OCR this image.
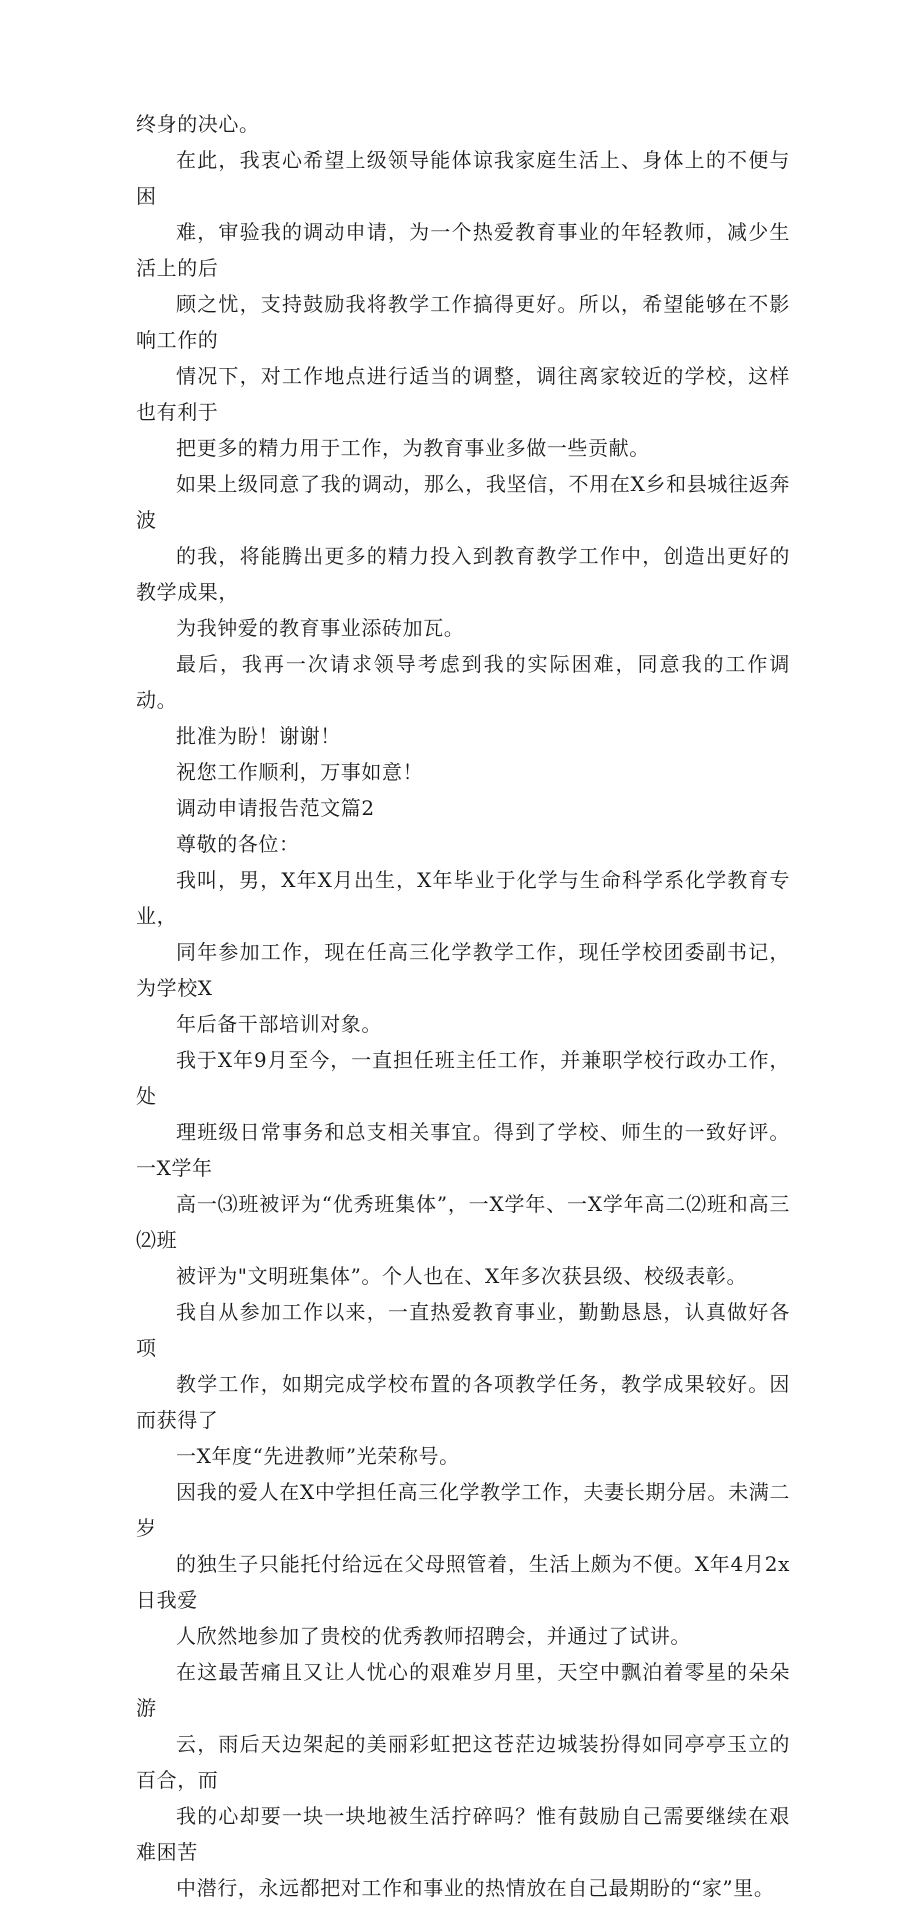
终身的决心。

在此，我衷心希望上级领导能体谅我家庭生活上、身体上的不便与困
难，审验我的调动申请，为一个热爱教育事业的年轻教师，减少生活上的后
顾之忧，支持鼓励我将教学工作搞得更好。所以，希望能够在不影响工作的
情况下，对工作地点进行适当的调整，调往离家较近的学校，这样也有利于
把更多的精力用于工作，为教育事业多做一些贡献。

如果上级同意了我的调动，那么，我坚信，不用在X乡和县城往返奔波
的我，将能腾出更多的精力投入到教育教学工作中，创造出更好的教学成果，
为我钟爱的教育事业添砖加瓦。

最后，我再一次请求领导考虑到我的实际困难，同意我的工作调动。
批准为盼！谢谢！

祝您工作顺利，万事如意！

调动申请报告范文篇2

尊敬的各位：

我叫，男，X年X月出生，X年毕业于化学与生命科学系化学教育专业，
同年参加工作，现在任高三化学教学工作，现任学校团委副书记，为学校X
年后备干部培训对象。

我于X年9月至今，一直担任班主任工作，并兼职学校行政办工作，处
理班级日常事务和总支相关事宜。得到了学校、师生的一致好评。一X学年
高一⑶班被评为“优秀班集体”，一X学年、一X学年高二⑵班和高三⑵班
被评为"文明班集体”。个人也在、X年多次获县级、校级表彰。

我自从参加工作以来，一直热爱教育事业，勤勤恳恳，认真做好各项
教学工作，如期完成学校布置的各项教学任务，教学成果较好。因而获得了
一X年度“先进教师”光荣称号。

因我的爱人在X中学担任高三化学教学工作，夫妻长期分居。未满二岁
的独生子只能托付给远在父母照管着，生活上颇为不便。X年4月2x日我爱
人欣然地参加了贵校的优秀教师招聘会，并通过了试讲。

在这最苦痛且又让人忧心的艰难岁月里，天空中飘泊着零星的朵朵游
云，雨后天边架起的美丽彩虹把这苍茫边城装扮得如同亭亭玉立的百合，而
我的心却要一块一块地被生活拧碎吗？惟有鼓励自己需要继续在艰难困苦
中潜行，永远都把对工作和事业的热情放在自己最期盼的“家”里。
